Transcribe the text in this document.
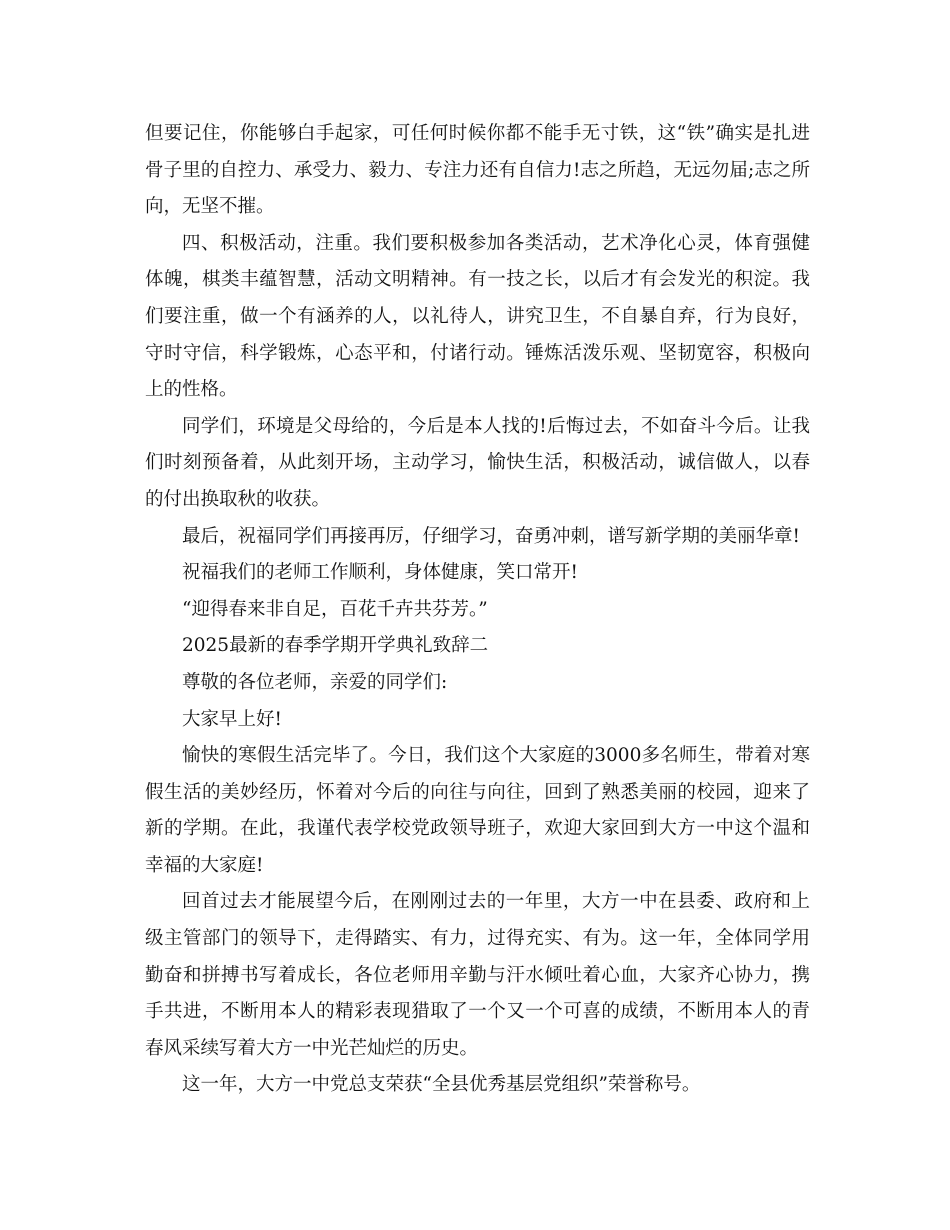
但要记住，你能够白手起家，可任何时候你都不能手无寸铁，这“铁”确实是扎进骨子里的自控力、承受力、毅力、专注力还有自信力!志之所趋，无远勿届;志之所向，无坚不摧。

四、积极活动，注重。我们要积极参加各类活动，艺术净化心灵，体育强健体魄，棋类丰蕴智慧，活动文明精神。有一技之长，以后才有会发光的积淀。我们要注重，做一个有涵养的人，以礼待人，讲究卫生，不自暴自弃，行为良好，守时守信，科学锻炼，心态平和，付诸行动。锤炼活泼乐观、坚韧宽容，积极向上的性格。

同学们，环境是父母给的，今后是本人找的!后悔过去，不如奋斗今后。让我们时刻预备着，从此刻开场，主动学习，愉快生活，积极活动，诚信做人，以春的付出换取秋的收获。

最后，祝福同学们再接再厉，仔细学习，奋勇冲刺，谱写新学期的美丽华章!

祝福我们的老师工作顺利，身体健康，笑口常开!

“迎得春来非自足，百花千卉共芬芳。”

2025最新的春季学期开学典礼致辞二

尊敬的各位老师，亲爱的同学们:

大家早上好!

愉快的寒假生活完毕了。今日，我们这个大家庭的3000多名师生，带着对寒假生活的美妙经历，怀着对今后的向往与向往，回到了熟悉美丽的校园，迎来了新的学期。在此，我谨代表学校党政领导班子，欢迎大家回到大方一中这个温和幸福的大家庭!

回首过去才能展望今后，在刚刚过去的一年里，大方一中在县委、政府和上级主管部门的领导下，走得踏实、有力，过得充实、有为。这一年，全体同学用勤奋和拼搏书写着成长，各位老师用辛勤与汗水倾吐着心血，大家齐心协力，携手共进，不断用本人的精彩表现猎取了一个又一个可喜的成绩，不断用本人的青春风采续写着大方一中光芒灿烂的历史。

这一年，大方一中党总支荣获“全县优秀基层党组织”荣誉称号。
